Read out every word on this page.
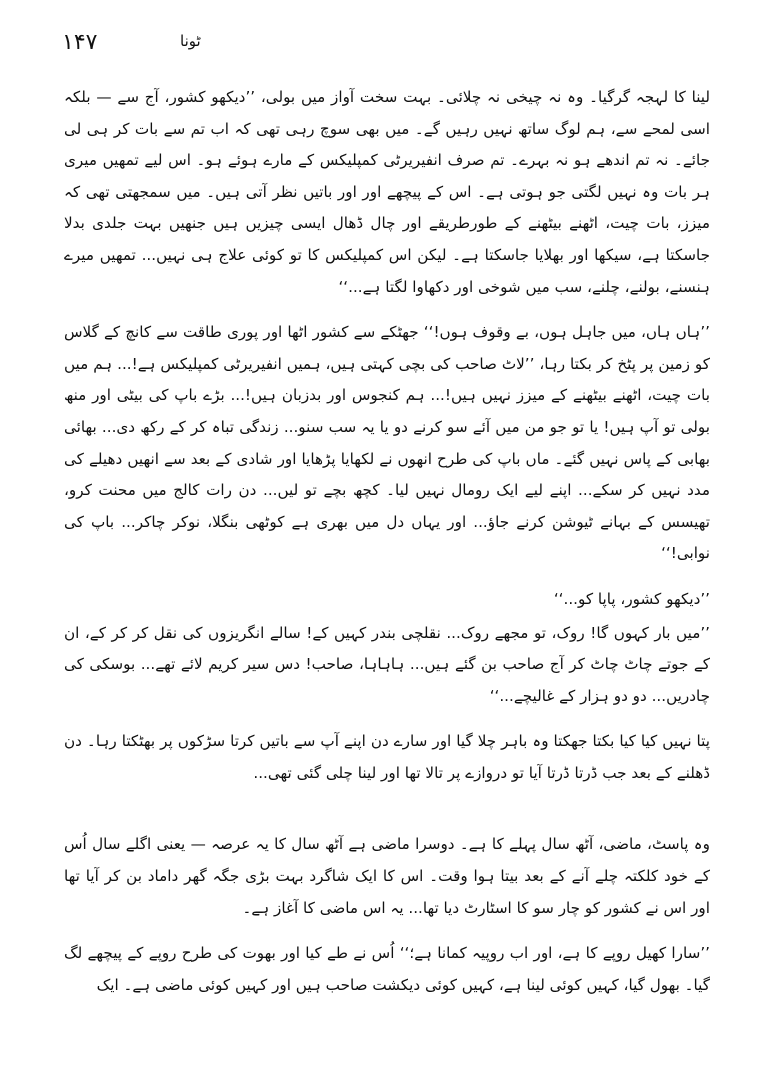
۱۴۷	ٹونا

لینا کا لہجہ گرگیا۔ وہ نہ چیخی نہ چلائی۔ بہت سخت آواز میں بولی، ’’دیکھو کشور، آج سے — بلکہ اسی لمحے سے، ہم لوگ ساتھ نہیں رہیں گے۔ میں بھی سوچ رہی تھی کہ اب تم سے بات کر ہی لی جائے۔ نہ تم اندھے ہو نہ بہرے۔ تم صرف انفیریرٹی کمپلیکس کے مارے ہوئے ہو۔ اس لیے تمھیں میری ہر بات وہ نہیں لگتی جو ہوتی ہے۔ اس کے پیچھے اور اور باتیں نظر آتی ہیں۔ میں سمجھتی تھی کہ میزز، بات چیت، اٹھنے بیٹھنے کے طورطریقے اور چال ڈھال ایسی چیزیں ہیں جنھیں بہت جلدی بدلا جاسکتا ہے، سیکھا اور بھلایا جاسکتا ہے۔ لیکن اس کمپلیکس کا تو کوئی علاج ہی نہیں... تمھیں میرے ہنسنے، بولنے، چلنے، سب میں شوخی اور دکھاوا لگتا ہے...‘‘

’’ہاں ہاں، میں جاہل ہوں، بے وقوف ہوں!‘‘ جھٹکے سے کشور اٹھا اور پوری طاقت سے کانچ کے گلاس کو زمین پر پٹخ کر بکتا رہا، ’’لاٹ صاحب کی بچی کہتی ہیں، ہمیں انفیریرٹی کمپلیکس ہے!... ہم میں بات چیت، اٹھنے بیٹھنے کے میزز نہیں ہیں!... ہم کنجوس اور بدزبان ہیں!... بڑے باپ کی بیٹی اور منھ بولی تو آپ ہیں! یا تو جو من میں آئے سو کرنے دو یا یہ سب سنو... زندگی تباہ کر کے رکھ دی... بھائی بھابی کے پاس نہیں گئے۔ ماں باپ کی طرح انھوں نے لکھایا پڑھایا اور شادی کے بعد سے انھیں دھیلے کی مدد نہیں کر سکے... اپنے لیے ایک رومال نہیں لیا۔ کچھ بچے تو لیں... دن رات کالج میں محنت کرو، تھیسس کے بہانے ٹیوشن کرنے جاؤ... اور یہاں دل میں بھری ہے کوٹھی بنگلا، نوکر چاکر... باپ کی نوابی!‘‘

’’دیکھو کشور، پاپا کو...‘‘

’’میں بار کہوں گا! روک، تو مجھے روک... نقلچی بندر کہیں کے! سالے انگریزوں کی نقل کر کر کے، ان کے جوتے چاٹ چاٹ کر آج صاحب بن گئے ہیں... ہاہاہا، صاحب! دس سیر کریم لائے تھے... بوسکی کی چادریں... دو دو ہزار کے غالیچے...‘‘

پتا نہیں کیا کیا بکتا جھکتا وہ باہر چلا گیا اور سارے دن اپنے آپ سے باتیں کرتا سڑکوں پر بھٹکتا رہا۔ دن ڈھلنے کے بعد جب ڈرتا ڈرتا آیا تو دروازے پر تالا تھا اور لینا چلی گئی تھی...

وہ پاسٹ، ماضی، آٹھ سال پہلے کا ہے۔ دوسرا ماضی ہے آٹھ سال کا یہ عرصہ — یعنی اگلے سال اُس کے خود کلکتہ چلے آنے کے بعد بیتا ہوا وقت۔ اس کا ایک شاگرد بہت بڑی جگہ گھر داماد بن کر آیا تھا اور اس نے کشور کو چار سو کا اسٹارٹ دیا تھا... یہ اس ماضی کا آغاز ہے۔

’’سارا کھیل روپے کا ہے، اور اب روپیہ کمانا ہے؛‘‘ اُس نے طے کیا اور بھوت کی طرح روپے کے پیچھے لگ گیا۔ بھول گیا، کہیں کوئی لینا ہے، کہیں کوئی دیکشت صاحب ہیں اور کہیں کوئی ماضی ہے۔ ایک
